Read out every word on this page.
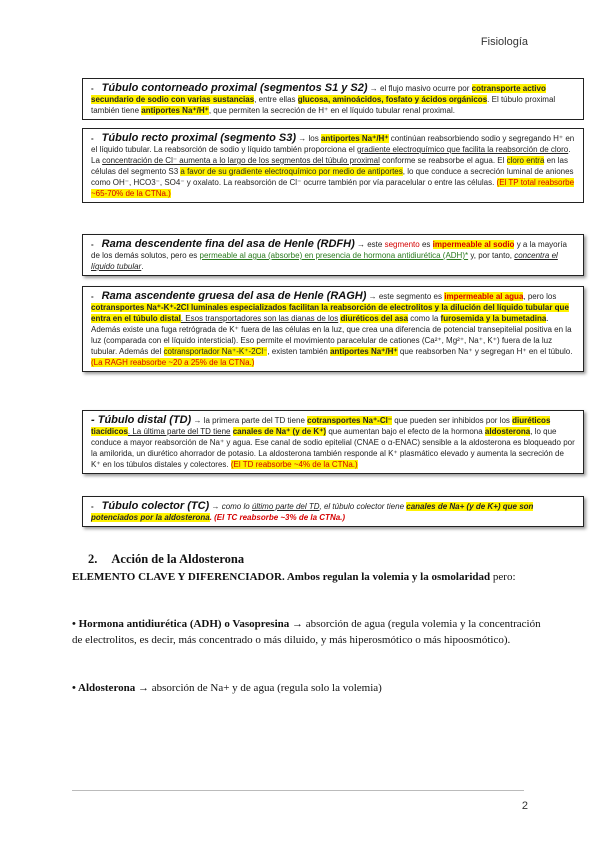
Fisiología
- Túbulo contorneado proximal (segmentos S1 y S2) → el flujo masivo ocurre por cotransporte activo secundario de sodio con varias sustancias, entre ellas glucosa, aminoácidos, fosfato y ácidos orgánicos. El túbulo proximal también tiene antiportes Na⁺/H⁺, que permiten la secreción de H⁺ en el líquido tubular renal proximal.
- Túbulo recto proximal (segmento S3) → los antiportes Na⁺/H⁺ continúan reabsorbiendo sodio y segregando H⁺ en el líquido tubular. La reabsorción de sodio y líquido también proporciona el gradiente electroquímico que facilita la reabsorción de cloro. La concentración de Cl⁻ aumenta a lo largo de los segmentos del túbulo proximal conforme se reabsorbe el agua. El cloro entra en las células del segmento S3 a favor de su gradiente electroquímico por medio de antiportes, lo que conduce a secreción luminal de aniones como OH⁻, HCO3⁻, SO4⁻ y oxalato. La reabsorción de Cl⁻ ocurre también por vía paracelular o entre las células. (El TP total reabsorbe ~65-70% de la CTNa.)
- Rama descendente fina del asa de Henle (RDFH) → este segmento es impermeable al sodio y a la mayoría de los demás solutos, pero es permeable al agua (absorbe) en presencia de hormona antidiurética (ADH)* y, por tanto, concentra el líquido tubular.
- Rama ascendente gruesa del asa de Henle (RAGH) → este segmento es impermeable al agua, pero los cotransportes Na⁺-K⁺-2Cl luminales especializados facilitan la reabsorción de electrolitos y la dilución del líquido tubular que entra en el túbulo distal. Esos transportadores son las dianas de los diuréticos del asa como la furosemida y la bumetadina. Además existe una fuga retrógrada de K⁺ fuera de las células en la luz, que crea una diferencia de potencial transepitelial positiva en la luz (comparada con el líquido intersticial). Eso permite el movimiento paracelular de cationes (Ca²⁺, Mg²⁺, Na⁺, K⁺) fuera de la luz tubular. Además del cotransportador Na⁺-K⁺-2Cl⁻, existen también antiportes Na⁺/H⁺ que reabsorben Na⁺ y segregan H⁺ en el túbulo. (La RAGH reabsorbe ~20 a 25% de la CTNa.)
- Túbulo distal (TD) → la primera parte del TD tiene cotransportes Na⁺-Cl⁻ que pueden ser inhibidos por los diuréticos tiacídicos. La última parte del TD tiene canales de Na⁺ (y de K⁺) que aumentan bajo el efecto de la hormona aldosterona, lo que conduce a mayor reabsorción de Na⁺ y agua. Ese canal de sodio epitelial (CNAE o α-ENAC) sensible a la aldosterona es bloqueado por la amilorida, un diurético ahorrador de potasio. La aldosterona también responde al K⁺ plasmático elevado y aumenta la secreción de K⁺ en los túbulos distales y colectores. (El TD reabsorbe ~4% de la CTNa.)
- Túbulo colector (TC) → como lo último parte del TD, el túbulo colector tiene canales de Na+ (y de K+) que son potenciados por la aldosterona. (El TC reabsorbe ~3% de la CTNa.)
2. Acción de la Aldosterona
ELEMENTO CLAVE Y DIFERENCIADOR. Ambos regulan la volemia y la osmolaridad pero:
• Hormona antidiurética (ADH) o Vasopresina → absorción de agua (regula volemia y la concentración de electrolitos, es decir, más concentrado o más diluido, y más hiperosmótico o más hipoosmótico).
• Aldosterona → absorción de Na+ y de agua (regula solo la volemia)
2
